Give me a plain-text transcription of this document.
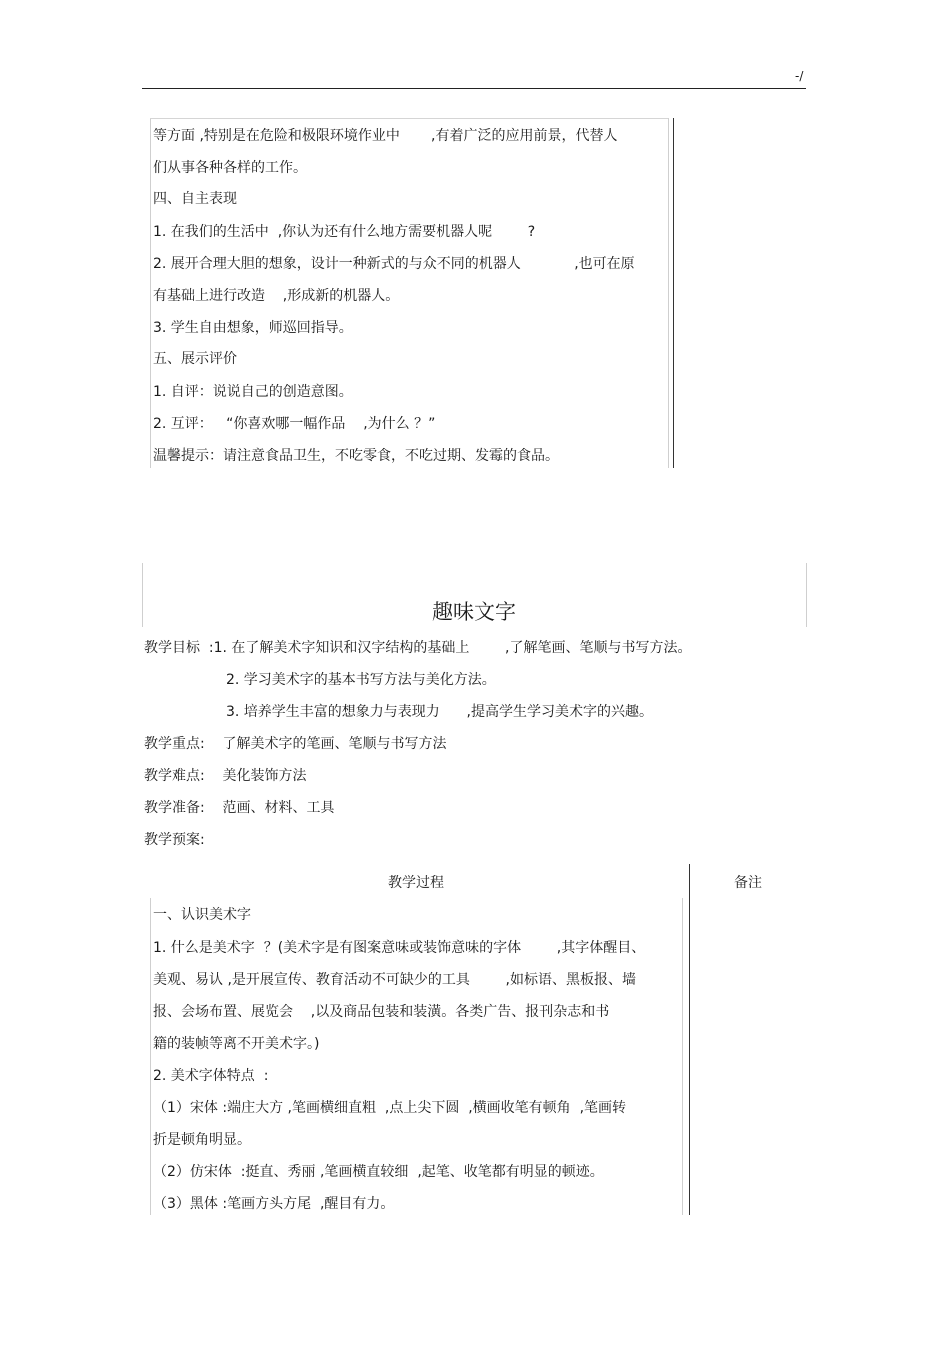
-/
等方面 ,特别是在危险和极限环境作业中       ,有着广泛的应用前景，代替人
们从事各种各样的工作。
四、自主表现
1. 在我们的生活中  ,你认为还有什么地方需要机器人呢        ?
2. 展开合理大胆的想象，设计一种新式的与众不同的机器人            ,也可在原
有基础上进行改造    ,形成新的机器人。
3. 学生自由想象，师巡回指导。
五、展示评价
1. 自评：说说自己的创造意图。
2. 互评：   “你喜欢哪一幅作品    ,为什么 ？”
温馨提示：请注意食品卫生，不吃零食，不吃过期、发霉的食品。
趣味文字
教学目标  :1. 在了解美术字知识和汉字结构的基础上        ,了解笔画、笔顺与书写方法。
2. 学习美术字的基本书写方法与美化方法。
3. 培养学生丰富的想象力与表现力      ,提高学生学习美术字的兴趣。
教学重点:    了解美术字的笔画、笔顺与书写方法
教学难点:    美化装饰方法
教学准备:    范画、材料、工具
教学预案:
教学过程	备注
一、认识美术字
1. 什么是美术字  ？(美术字是有图案意味或装饰意味的字体        ,其字体醒目、
美观、易认 ,是开展宣传、教育活动不可缺少的工具        ,如标语、黑板报、墙
报、会场布置、展览会    ,以及商品包装和装潢。各类广告、报刊杂志和书
籍的装帧等离不开美术字。)
2. 美术字体特点  :
（1）宋体 :端庄大方 ,笔画横细直粗  ,点上尖下圆  ,横画收笔有顿角  ,笔画转
折是顿角明显。
（2）仿宋体  :挺直、秀丽 ,笔画横直较细  ,起笔、收笔都有明显的顿迹。
（3）黑体 :笔画方头方尾  ,醒目有力。
